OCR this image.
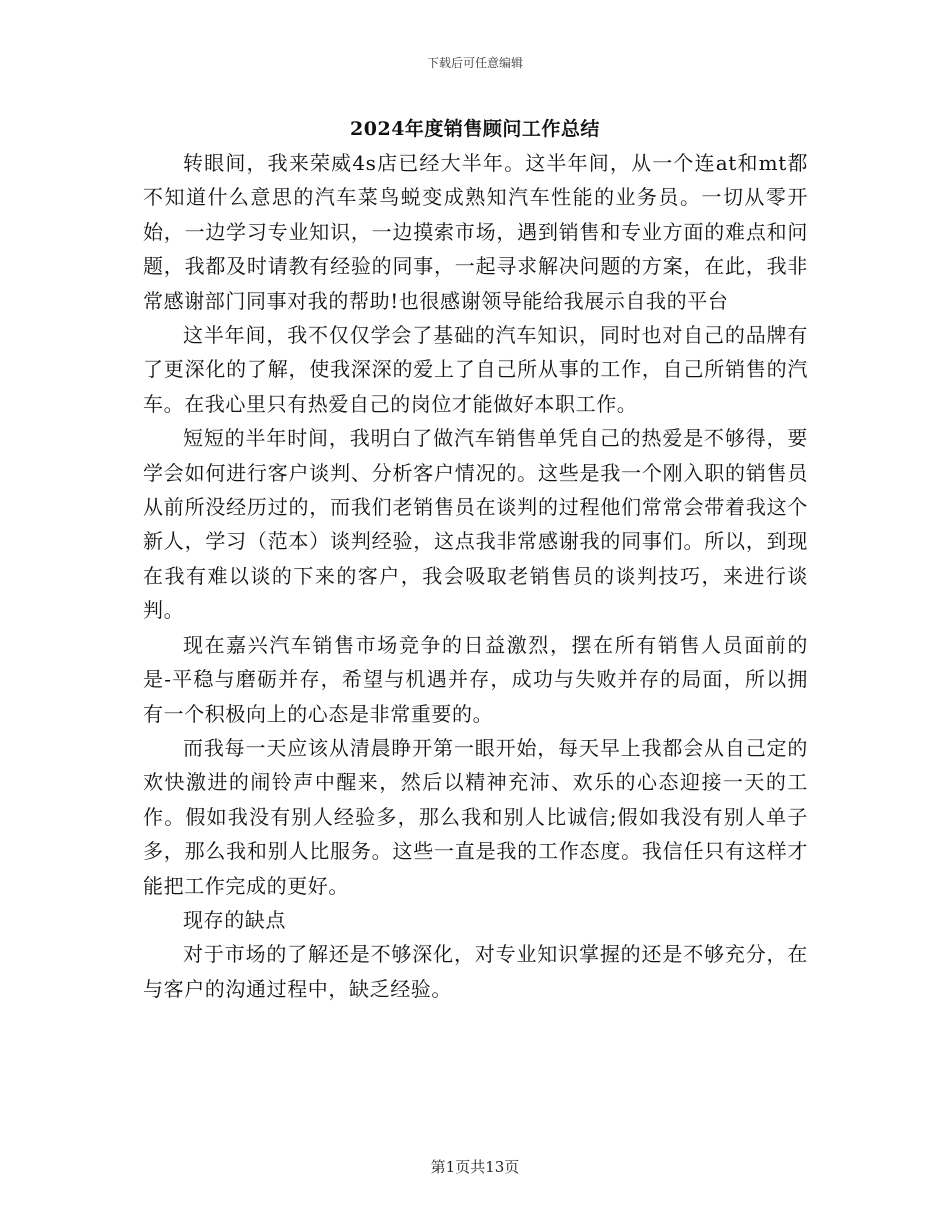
下载后可任意编辑
2024年度销售顾问工作总结

转眼间，我来荣威4s店已经大半年。这半年间，从一个连at和mt都不知道什么意思的汽车菜鸟蜕变成熟知汽车性能的业务员。一切从零开始，一边学习专业知识，一边摸索市场，遇到销售和专业方面的难点和问题，我都及时请教有经验的同事，一起寻求解决问题的方案，在此，我非常感谢部门同事对我的帮助!也很感谢领导能给我展示自我的平台

这半年间，我不仅仅学会了基础的汽车知识，同时也对自己的品牌有了更深化的了解，使我深深的爱上了自己所从事的工作，自己所销售的汽车。在我心里只有热爱自己的岗位才能做好本职工作。

短短的半年时间，我明白了做汽车销售单凭自己的热爱是不够得，要学会如何进行客户谈判、分析客户情况的。这些是我一个刚入职的销售员从前所没经历过的，而我们老销售员在谈判的过程他们常常会带着我这个新人，学习（范本）谈判经验，这点我非常感谢我的同事们。所以，到现在我有难以谈的下来的客户，我会吸取老销售员的谈判技巧，来进行谈判。

现在嘉兴汽车销售市场竞争的日益激烈，摆在所有销售人员面前的是-平稳与磨砺并存，希望与机遇并存，成功与失败并存的局面，所以拥有一个积极向上的心态是非常重要的。

而我每一天应该从清晨睁开第一眼开始，每天早上我都会从自己定的欢快激进的闹铃声中醒来，然后以精神充沛、欢乐的心态迎接一天的工作。假如我没有别人经验多，那么我和别人比诚信;假如我没有别人单子多，那么我和别人比服务。这些一直是我的工作态度。我信任只有这样才能把工作完成的更好。

现存的缺点

对于市场的了解还是不够深化，对专业知识掌握的还是不够充分，在与客户的沟通过程中，缺乏经验。

第1页共13页
